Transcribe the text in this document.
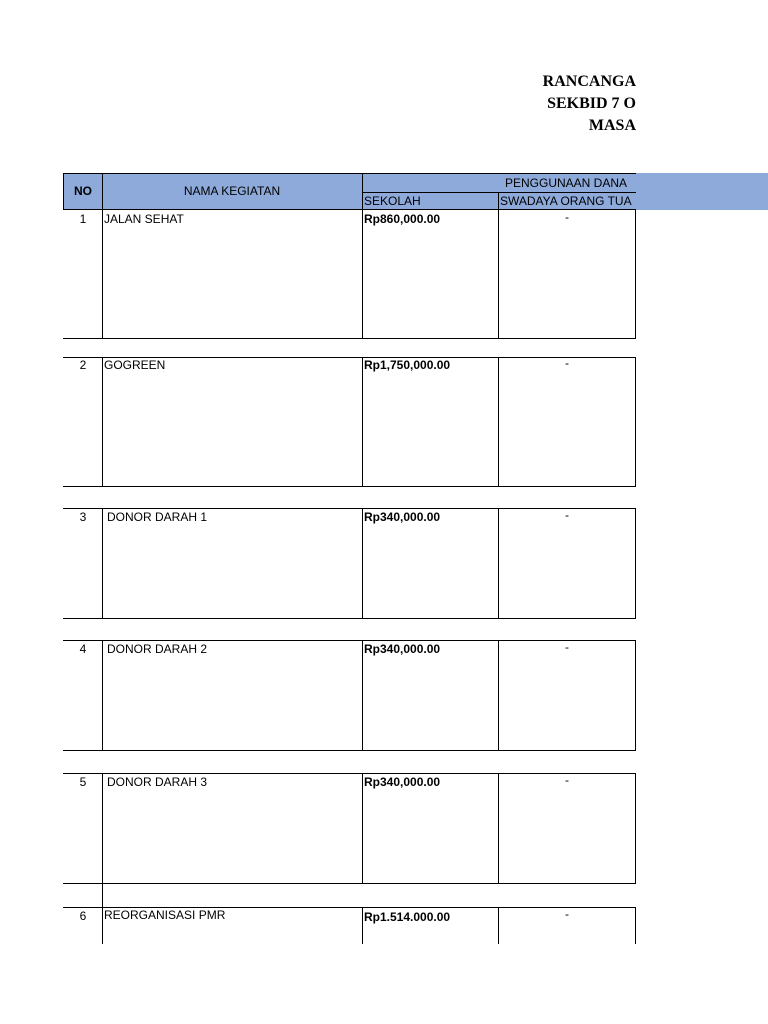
RANCANGA
SEKBID 7 O
MASA
NO	NAMA KEGIATAN
PENGGUNAAN DANA
SEKOLAH	SWADAYA ORANG TUA
1	JALAN SEHAT	Rp860,000.00	-
2	GOGREEN	Rp1,750,000.00	-
3	DONOR DARAH 1	Rp340,000.00	-
4	DONOR DARAH 2	Rp340,000.00	-
5	DONOR DARAH 3	Rp340,000.00	-
6	REORGANISASI PMR	Rp1.514.000.00	-
